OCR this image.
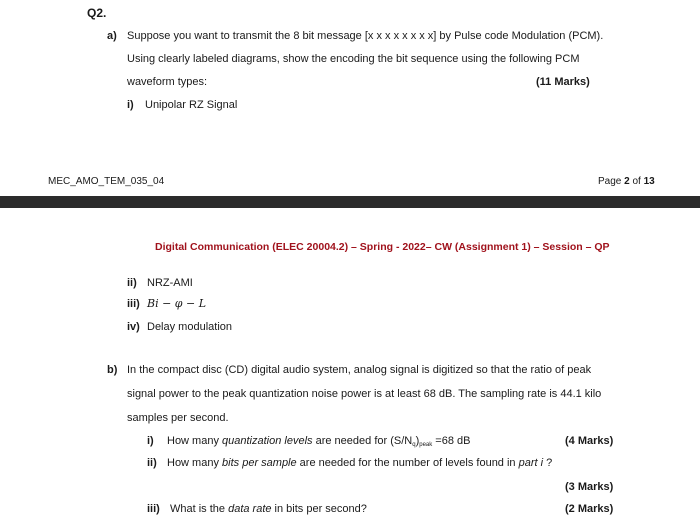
Q2.
a) Suppose you want to transmit the 8 bit message [x x x x x x x x] by Pulse code Modulation (PCM).
Using clearly labeled diagrams, show the encoding the bit sequence using the following PCM
waveform types:	(11 Marks)
i) Unipolar RZ Signal
MEC_AMO_TEM_035_04	Page 2 of 13
Digital Communication (ELEC 20004.2) – Spring - 2022– CW (Assignment 1) – Session – QP
ii) NRZ-AMI
iii) Bi − φ − L
iv) Delay modulation
b) In the compact disc (CD) digital audio system, analog signal is digitized so that the ratio of peak
signal power to the peak quantization noise power is at least 68 dB. The sampling rate is 44.1 kilo
samples per second.
i) How many quantization levels are needed for $(S/N_q)_{peak} =68$ dB	(4 Marks)
ii) How many bits per sample are needed for the number of levels found in part i ?
(3 Marks)
iii) What is the data rate in bits per second?	(2 Marks)
